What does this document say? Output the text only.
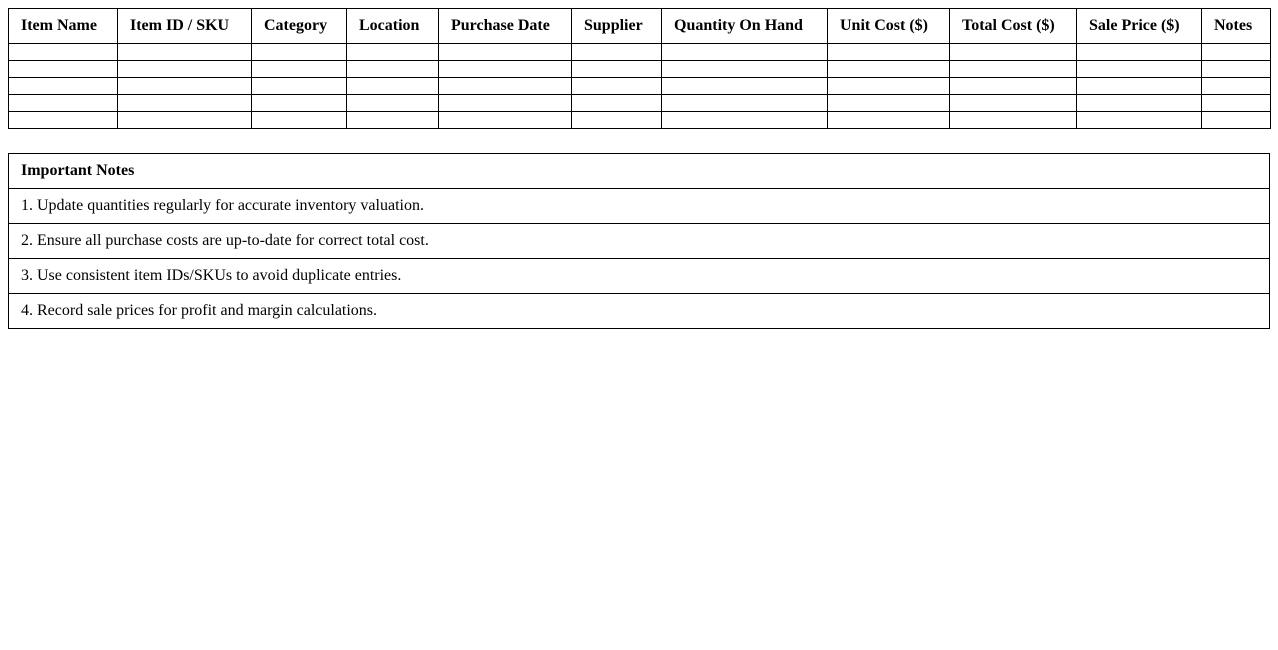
Item Name	Item ID / SKU	Category	Location	Purchase Date	Supplier	Quantity On Hand	Unit Cost ($)	Total Cost ($)	Sale Price ($)	Notes

Important Notes
1. Update quantities regularly for accurate inventory valuation.
2. Ensure all purchase costs are up-to-date for correct total cost.
3. Use consistent item IDs/SKUs to avoid duplicate entries.
4. Record sale prices for profit and margin calculations.
